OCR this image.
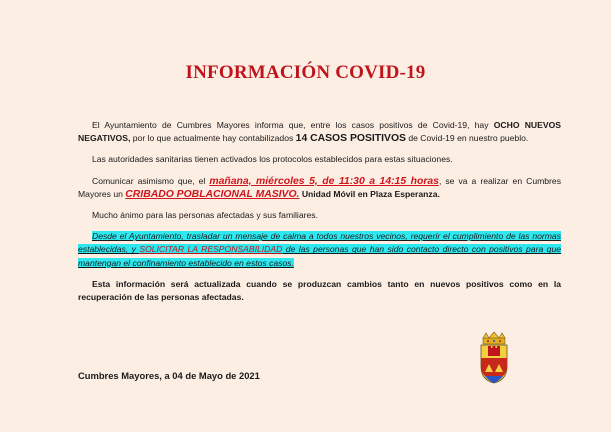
INFORMACIÓN COVID-19

El Ayuntamiento de Cumbres Mayores informa que, entre los casos positivos de Covid-19, hay OCHO NUEVOS NEGATIVOS, por lo que actualmente hay contabilizados 14 CASOS POSITIVOS de Covid-19 en nuestro pueblo.

Las autoridades sanitarias tienen activados los protocolos establecidos para estas situaciones.

Comunicar asimismo que, el mañana, miércoles 5, de 11:30 a 14:15 horas, se va a realizar en Cumbres Mayores un CRIBADO POBLACIONAL MASIVO. Unidad Móvil en Plaza Esperanza.

Mucho ánimo para las personas afectadas y sus familiares.

Desde el Ayuntamiento, trasladar un mensaje de calma a todos nuestros vecinos, requerir el cumplimiento de las normas establecidas, y SOLICITAR LA RESPONSABILIDAD de las personas que han sido contacto directo con positivos para que mantengan el confinamiento establecido en estos casos.

Esta información será actualizada cuando se produzcan cambios tanto en nuevos positivos como en la recuperación de las personas afectadas.

Cumbres Mayores, a 04 de Mayo de 2021
